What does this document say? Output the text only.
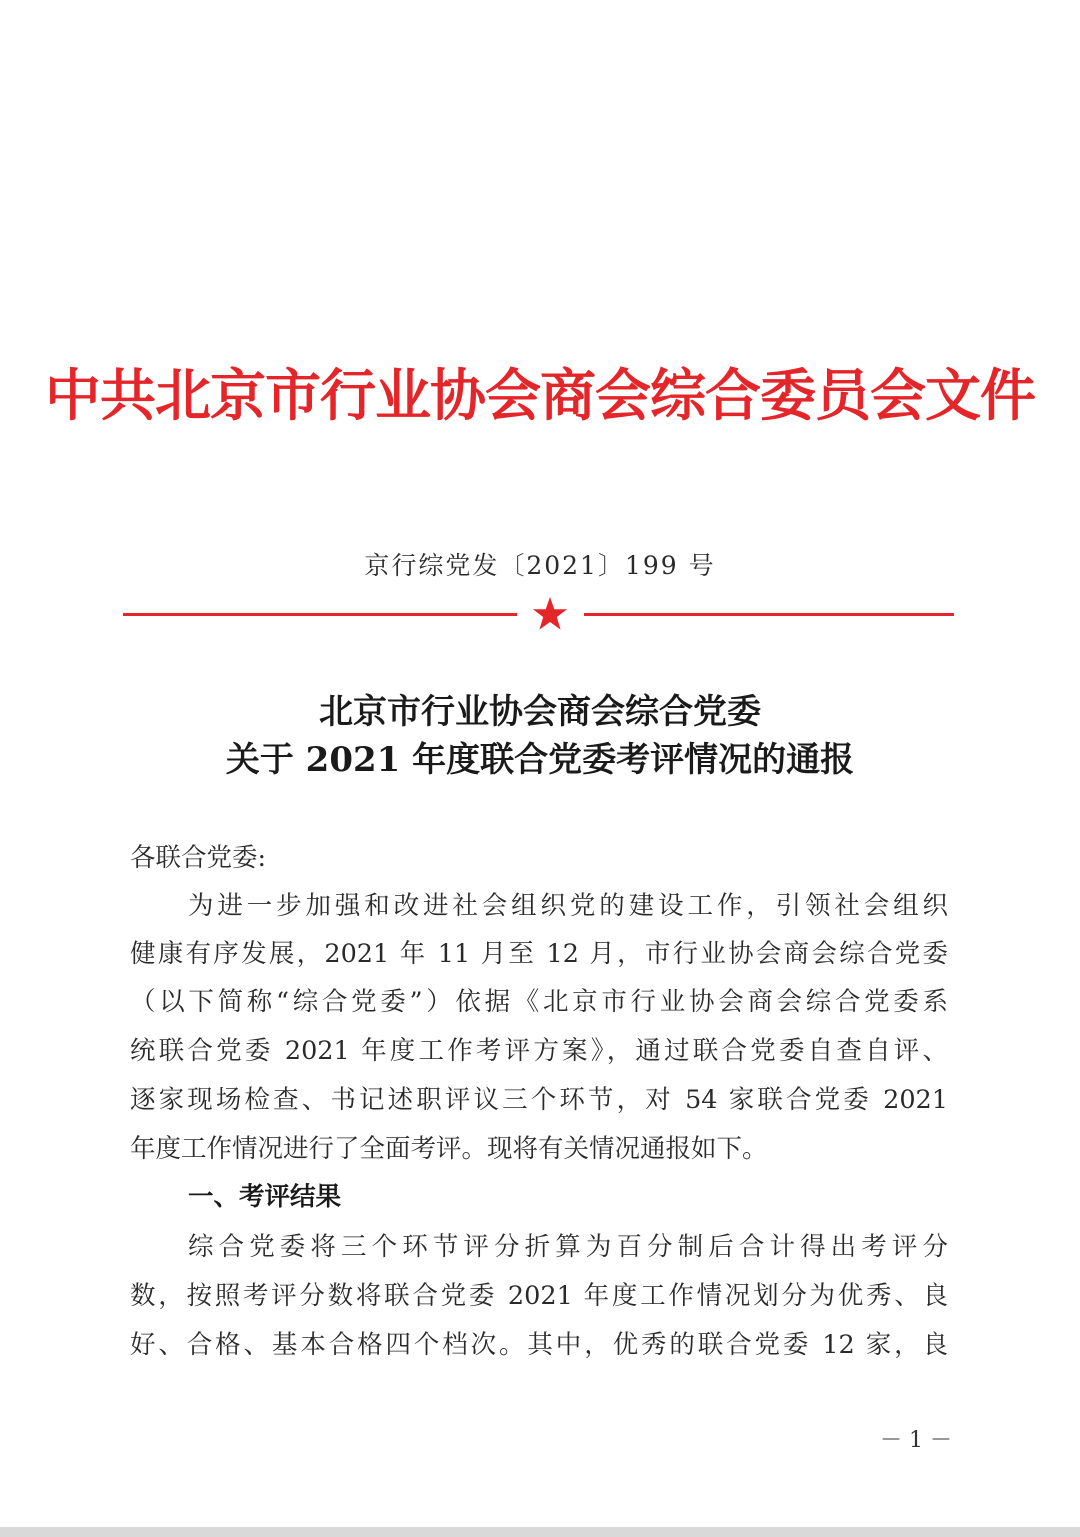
中共北京市行业协会商会综合委员会文件
京行综党发〔2021〕199 号
北京市行业协会商会综合党委
关于 2021 年度联合党委考评情况的通报
各联合党委:
为进一步加强和改进社会组织党的建设工作，引领社会组织
健康有序发展，2021 年 11 月至 12 月，市行业协会商会综合党委
（以下简称“综合党委”）依据《北京市行业协会商会综合党委系
统联合党委 2021 年度工作考评方案》，通过联合党委自查自评、
逐家现场检查、书记述职评议三个环节，对 54 家联合党委 2021
年度工作情况进行了全面考评。现将有关情况通报如下。
一、考评结果
综合党委将三个环节评分折算为百分制后合计得出考评分
数，按照考评分数将联合党委 2021 年度工作情况划分为优秀、良
好、合格、基本合格四个档次。其中，优秀的联合党委 12 家，良
－ 1 －
